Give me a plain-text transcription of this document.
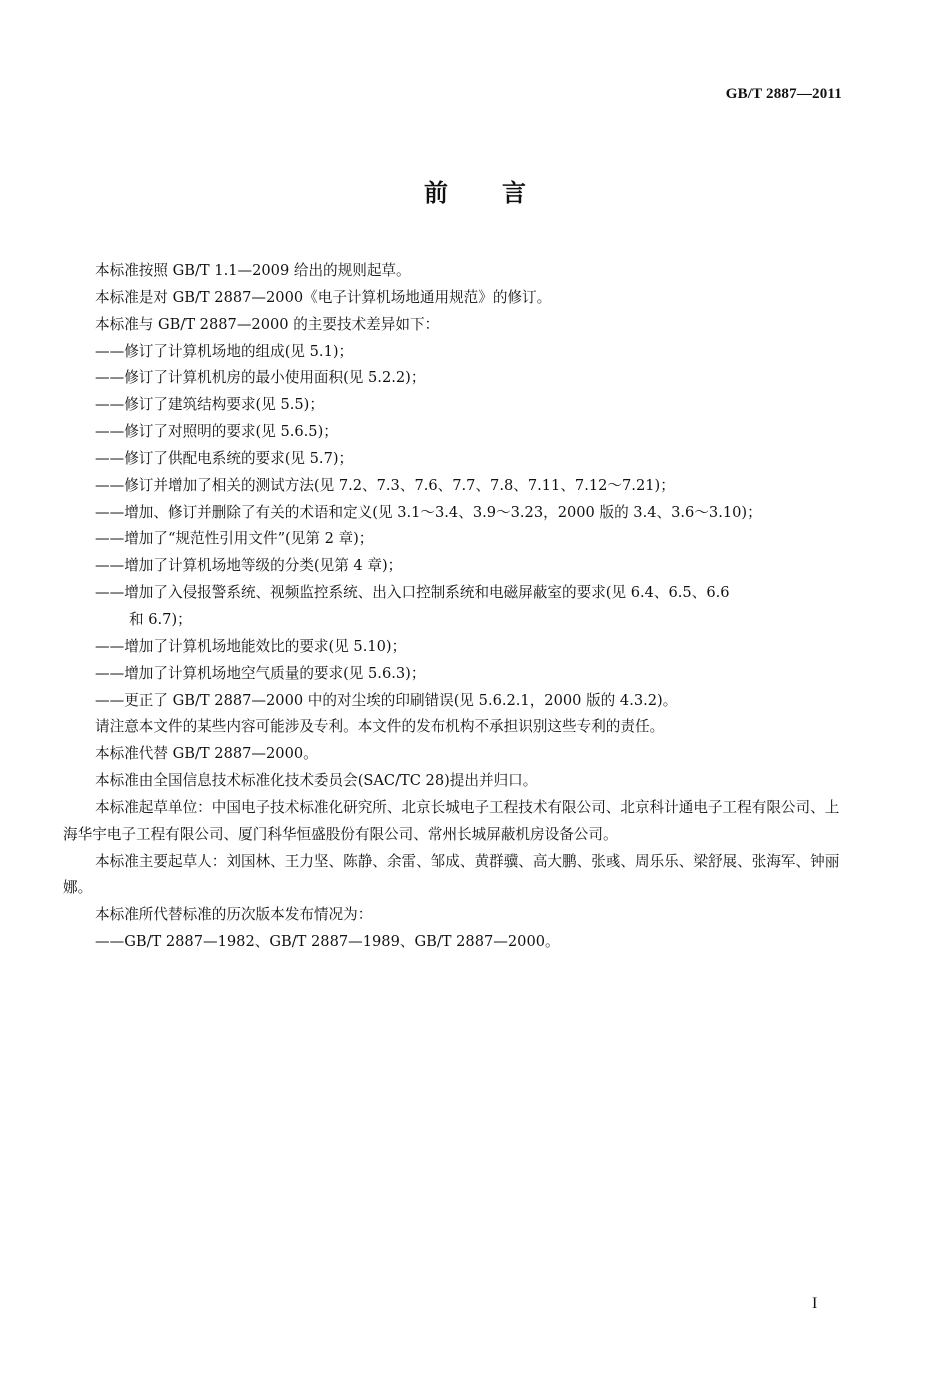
GB/T 2887—2011
前言
本标准按照 GB/T 1.1—2009 给出的规则起草。
本标准是对 GB/T 2887—2000《电子计算机场地通用规范》的修订。
本标准与 GB/T 2887—2000 的主要技术差异如下：
——修订了计算机场地的组成(见 5.1)；
——修订了计算机机房的最小使用面积(见 5.2.2)；
——修订了建筑结构要求(见 5.5)；
——修订了对照明的要求(见 5.6.5)；
——修订了供配电系统的要求(见 5.7)；
——修订并增加了相关的测试方法(见 7.2、7.3、7.6、7.7、7.8、7.11、7.12～7.21)；
——增加、修订并删除了有关的术语和定义(见 3.1～3.4、3.9～3.23，2000 版的 3.4、3.6～3.10)；
——增加了“规范性引用文件”(见第 2 章)；
——增加了计算机场地等级的分类(见第 4 章)；
——增加了入侵报警系统、视频监控系统、出入口控制系统和电磁屏蔽室的要求(见 6.4、6.5、6.6
和 6.7)；
——增加了计算机场地能效比的要求(见 5.10)；
——增加了计算机场地空气质量的要求(见 5.6.3)；
——更正了 GB/T 2887—2000 中的对尘埃的印刷错误(见 5.6.2.1，2000 版的 4.3.2)。
请注意本文件的某些内容可能涉及专利。本文件的发布机构不承担识别这些专利的责任。
本标准代替 GB/T 2887—2000。
本标准由全国信息技术标准化技术委员会(SAC/TC 28)提出并归口。
本标准起草单位：中国电子技术标准化研究所、北京长城电子工程技术有限公司、北京科计通电子工程有限公司、上海华宇电子工程有限公司、厦门科华恒盛股份有限公司、常州长城屏蔽机房设备公司。
本标准主要起草人：刘国林、王力坚、陈静、余雷、邹成、黄群骥、高大鹏、张彧、周乐乐、梁舒展、张海军、钟丽娜。
本标准所代替标准的历次版本发布情况为：
——GB/T 2887—1982、GB/T 2887—1989、GB/T 2887—2000。
I
